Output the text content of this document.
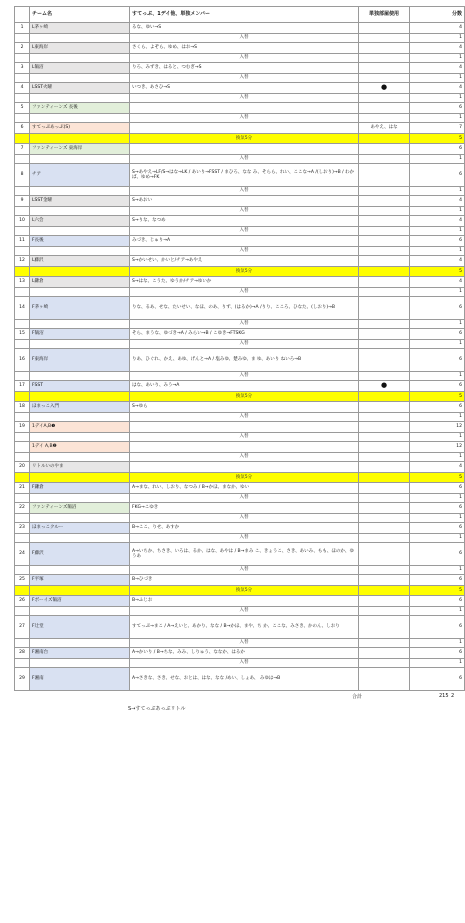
	チーム名	すてっぷ、1デイ他、単独メンバー	単独部屋使用	分数
1	L茅ヶ崎	るな、ゆい→S		4
		入替		1
2	L東海岸	さくら、よぞら、ゆめ、はお→S		4
		入替		1
3	L鵠沼	りろ、みずき、はると、つむぎ→S		4
		入替		1
4	LSST火曜	いつき、あさひ→S	●	4
		入替		1
5	ファンティーンズ 長後			6
		入替		1
6	すてっぷあっぷ(S)		あやえ、はな	7
		換気5分		5
7	ファンティーンズ 東海岸			6
		入替		1
8	チア	S→あやえ→LF/S→はな→LK / あいり→FSST / まひろ、なな み、そらら、れい、ここな→A /(しおり)→B / わかば、ゆめ→FK		6
		入替		1
9	LSST金曜	S→あおい		4
		入替		1
10	L六会	S→りな、なつめ		4
		入替		1
11	F長後	みづき、じゅり→A		6
		入替		1
12	L藤沢	S→かいせい、かいと/チア→あやえ		4
		換気5分		5
13	L鎌倉	S→はな、こうた、ゆうか/チア→ゆいか		4
		入替		1
14	F茅ヶ崎	りな、るあ、せな、たいせい、なほ、のあ、りず、(はるか)→A /りり、こころ、ひなた、(しおり)→B		6
		入替		1
15	F鵠沼	そら、まうな、ゆづき→A / みらい→B / こゆき→FTSKG		6
		入替		1
16	F東海岸	りあ、ひぐれ、かえ、あゆ、げんと→A / 塩みゆ、楚みゆ、ま ゆ、あいり ねいろ→B		6
		入替		1
17	FSST	はな、あいり、みう→A	●	6
		換気5分		5
18	ほまっこ入門	S→ゆら		6
		入替		1
19	1デイA,B❶			12
		入替		1
	1デイ A,B❷			12
		入替		1
20	リトルいのやま			4
		換気5分		5
21	F鎌倉	A→まな、れい、しおり、なつみ / B→かほ、まなか、ゆい		6
		入替		1
22	ファンティーンズ鵠沼	FKG→こゆき		6
		入替		1
23	ほまっこクルー	B→ここ、りせ、あすか		6
		入替		1
24	F藤沢	A→いちか、ちさき、いろは、るか、はな、あやは / B→まみ こ、きょうこ、さき、あいみ、もも、ほのか、ゆうあ		6
		入替		1
25	F平塚	B→ひづき		6
		換気5分		5
26	Fボーイズ鵠沼	B→ふじお		6
		入替		1
27	F辻堂	すてっぷ→まこ / A→えいと、あかり、なな / B→かほ、まや、ち か、ここな、みさき、かのん、しおり		6
		入替		1
28	F湘南台	A→かいり / B→ちな、みみ、しりゅう、ななか、はるか		6
		入替		1
29	F湘南	A→さきな、さき、せな、おとは、はな、なな /めい、しょあ、 みゆは→B		6
合計	215 2
S→すてっぷあっぷリトル
